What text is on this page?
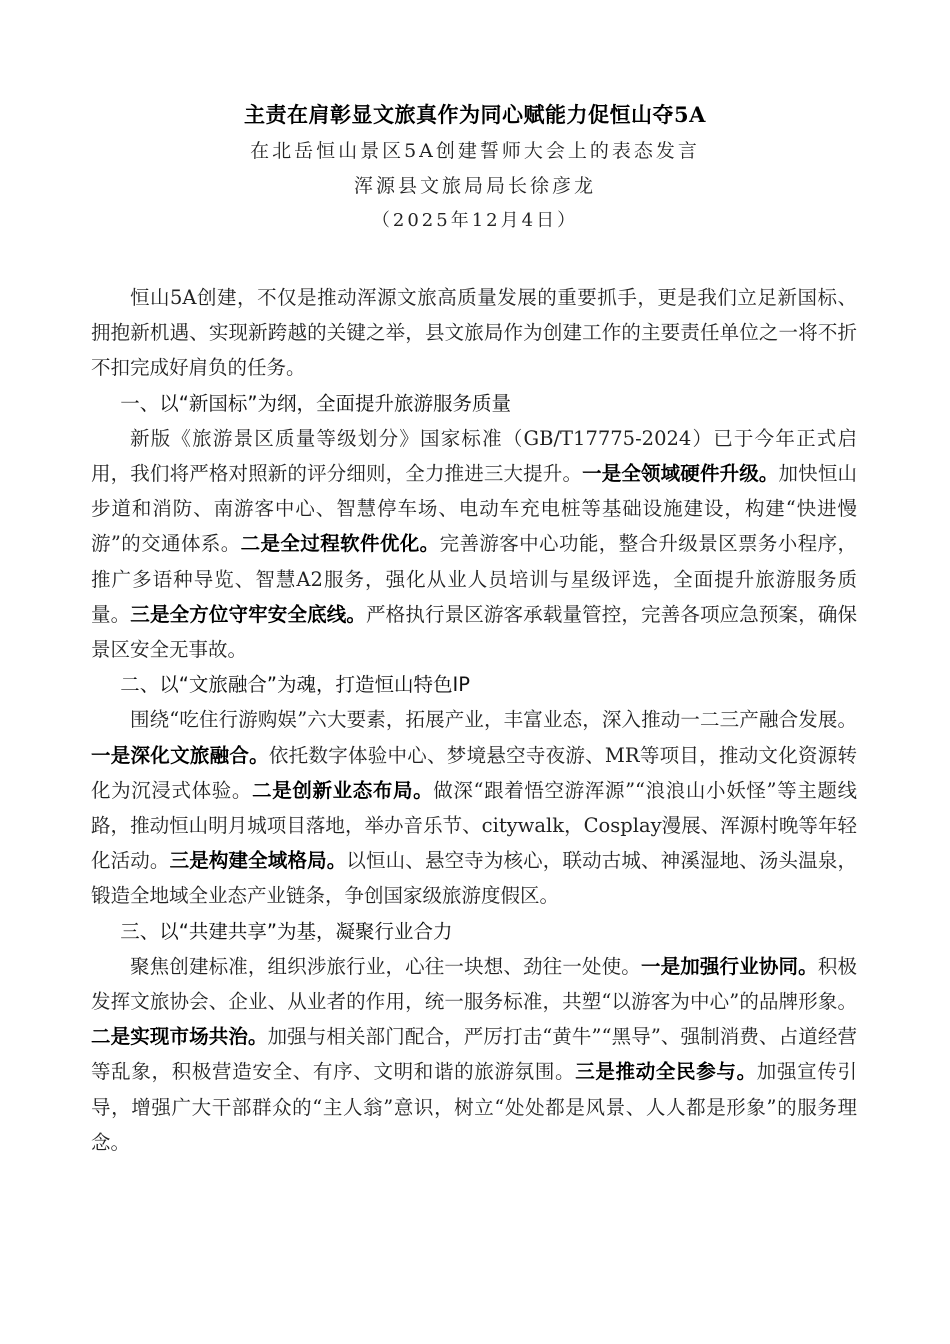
主责在肩彰显文旅真作为同心赋能力促恒山夺5A
在北岳恒山景区5A创建誓师大会上的表态发言
浑源县文旅局局长徐彦龙
（2025年12月4日）

恒山5A创建，不仅是推动浑源文旅高质量发展的重要抓手，更是我们立足新国标、拥抱新机遇、实现新跨越的关键之举，县文旅局作为创建工作的主要责任单位之一将不折不扣完成好肩负的任务。

一、以“新国标”为纲，全面提升旅游服务质量

新版《旅游景区质量等级划分》国家标准（GB/T17775-2024）已于今年正式启用，我们将严格对照新的评分细则，全力推进三大提升。一是全领域硬件升级。加快恒山步道和消防、南游客中心、智慧停车场、电动车充电桩等基础设施建设，构建“快进慢游”的交通体系。二是全过程软件优化。完善游客中心功能，整合升级景区票务小程序，推广多语种导览、智慧A2服务，强化从业人员培训与星级评选，全面提升旅游服务质量。三是全方位守牢安全底线。严格执行景区游客承载量管控，完善各项应急预案，确保景区安全无事故。

二、以“文旅融合”为魂，打造恒山特色IP

围绕“吃住行游购娱”六大要素，拓展产业，丰富业态，深入推动一二三产融合发展。一是深化文旅融合。依托数字体验中心、梦境悬空寺夜游、MR等项目，推动文化资源转化为沉浸式体验。二是创新业态布局。做深“跟着悟空游浑源”“浪浪山小妖怪”等主题线路，推动恒山明月城项目落地，举办音乐节、citywalk，Cosplay漫展、浑源村晚等年轻化活动。三是构建全域格局。以恒山、悬空寺为核心，联动古城、神溪湿地、汤头温泉，锻造全地域全业态产业链条，争创国家级旅游度假区。

三、以“共建共享”为基，凝聚行业合力

聚焦创建标准，组织涉旅行业，心往一块想、劲往一处使。一是加强行业协同。积极发挥文旅协会、企业、从业者的作用，统一服务标准，共塑“以游客为中心”的品牌形象。二是实现市场共治。加强与相关部门配合，严厉打击“黄牛”“黑导”、强制消费、占道经营等乱象，积极营造安全、有序、文明和谐的旅游氛围。三是推动全民参与。加强宣传引导，增强广大干部群众的“主人翁”意识，树立“处处都是风景、人人都是形象”的服务理念。
